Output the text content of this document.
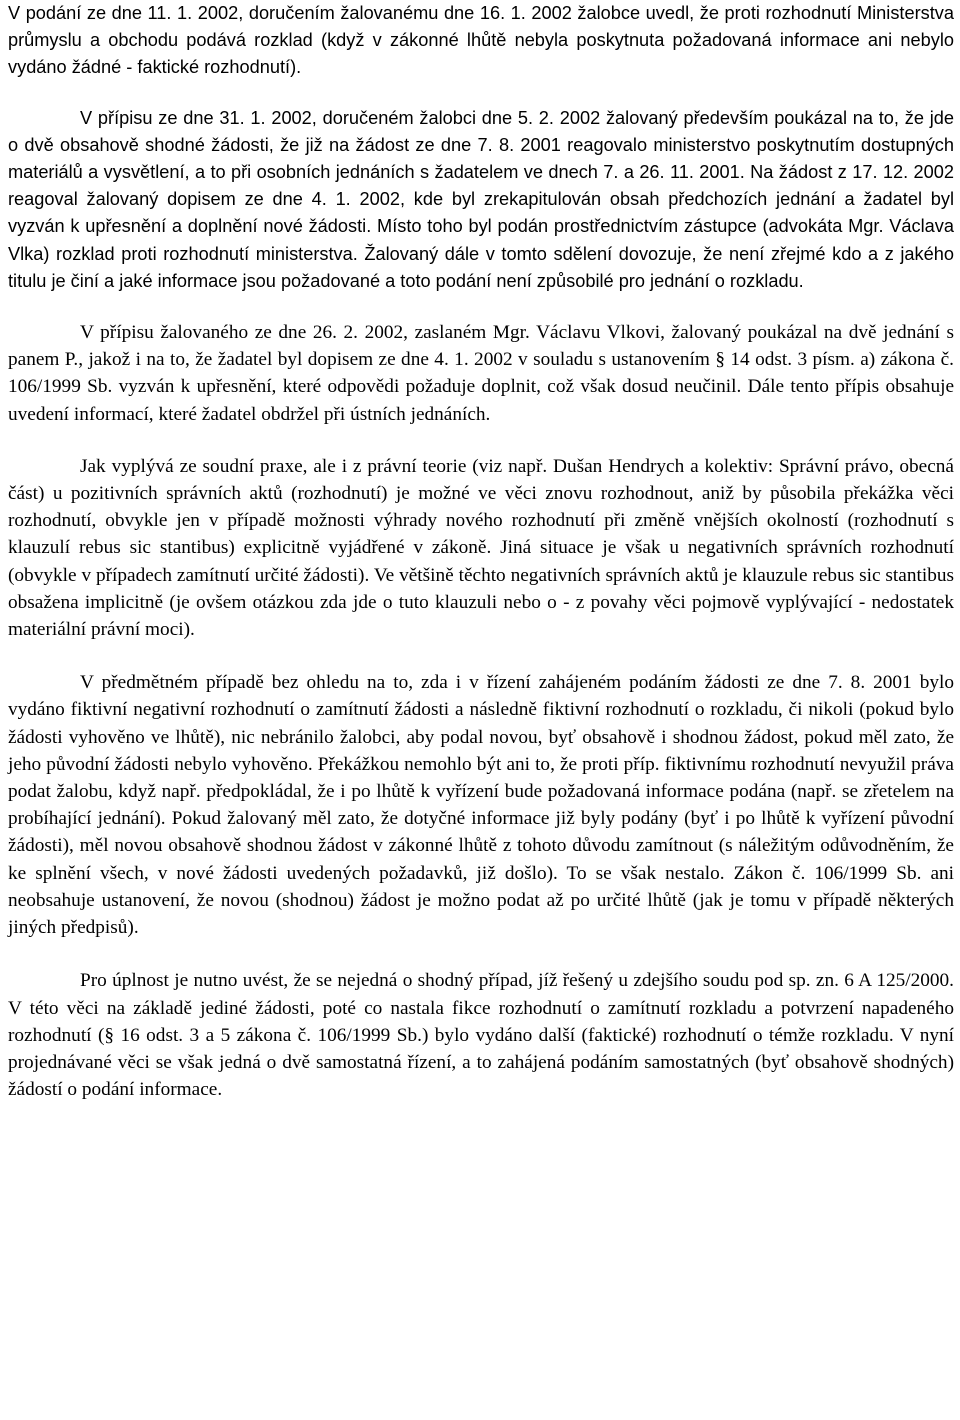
V podání ze dne 11. 1. 2002, doručením žalovanému dne 16. 1. 2002 žalobce uvedl, že proti rozhodnutí Ministerstva průmyslu a obchodu podává rozklad (když v zákonné lhůtě nebyla poskytnuta požadovaná informace ani nebylo vydáno žádné - faktické rozhodnutí).

V přípisu ze dne 31. 1. 2002, doručeném žalobci dne 5. 2. 2002 žalovaný především poukázal na to, že jde o dvě obsahově shodné žádosti, že již na žádost ze dne 7. 8. 2001 reagovalo ministerstvo poskytnutím dostupných materiálů a vysvětlení, a to při osobních jednáních s žadatelem ve dnech 7. a 26. 11. 2001. Na žádost z 17. 12. 2002 reagoval žalovaný dopisem ze dne 4. 1. 2002, kde byl zrekapitulován obsah předchozích jednání a žadatel byl vyzván k upřesnění a doplnění nové žádosti. Místo toho byl podán prostřednictvím zástupce (advokáta Mgr. Václava Vlka) rozklad proti rozhodnutí ministerstva. Žalovaný dále v tomto sdělení dovozuje, že není zřejmé kdo a z jakého titulu je činí a jaké informace jsou požadované a toto podání není způsobilé pro jednání o rozkladu.

V přípisu žalovaného ze dne 26. 2. 2002, zaslaném Mgr. Václavu Vlkovi, žalovaný poukázal na dvě jednání s panem P., jakož i na to, že žadatel byl dopisem ze dne 4. 1. 2002 v souladu s ustanovením § 14 odst. 3 písm. a) zákona č. 106/1999 Sb. vyzván k upřesnění, které odpovědi požaduje doplnit, což však dosud neučinil. Dále tento přípis obsahuje uvedení informací, které žadatel obdržel při ústních jednáních.

Jak vyplývá ze soudní praxe, ale i z právní teorie (viz např. Dušan Hendrych a kolektiv: Správní právo, obecná část) u pozitivních správních aktů (rozhodnutí) je možné ve věci znovu rozhodnout, aniž by působila překážka věci rozhodnutí, obvykle jen v případě možnosti výhrady nového rozhodnutí při změně vnějších okolností (rozhodnutí s klauzulí rebus sic stantibus) explicitně vyjádřené v zákoně. Jiná situace je však u negativních správních rozhodnutí (obvykle v případech zamítnutí určité žádosti). Ve většině těchto negativních správních aktů je klauzule rebus sic stantibus obsažena implicitně (je ovšem otázkou zda jde o tuto klauzuli nebo o - z povahy věci pojmově vyplývající - nedostatek materiální právní moci).

V předmětném případě bez ohledu na to, zda i v řízení zahájeném podáním žádosti ze dne 7. 8. 2001 bylo vydáno fiktivní negativní rozhodnutí o zamítnutí žádosti a následně fiktivní rozhodnutí o rozkladu, či nikoli (pokud bylo žádosti vyhověno ve lhůtě), nic nebránilo žalobci, aby podal novou, byť obsahově i shodnou žádost, pokud měl zato, že jeho původní žádosti nebylo vyhověno. Překážkou nemohlo být ani to, že proti příp. fiktivnímu rozhodnutí nevyužil práva podat žalobu, když např. předpokládal, že i po lhůtě k vyřízení bude požadovaná informace podána (např. se zřetelem na probíhající jednání). Pokud žalovaný měl zato, že dotyčné informace již byly podány (byť i po lhůtě k vyřízení původní žádosti), měl novou obsahově shodnou žádost v zákonné lhůtě z tohoto důvodu zamítnout (s náležitým odůvodněním, že ke splnění všech, v nové žádosti uvedených požadavků, již došlo). To se však nestalo. Zákon č. 106/1999 Sb. ani neobsahuje ustanovení, že novou (shodnou) žádost je možno podat až po určité lhůtě (jak je tomu v případě některých jiných předpisů).

Pro úplnost je nutno uvést, že se nejedná o shodný případ, jíž řešený u zdejšího soudu pod sp. zn. 6 A 125/2000. V této věci na základě jediné žádosti, poté co nastala fikce rozhodnutí o zamítnutí rozkladu a potvrzení napadeného rozhodnutí (§ 16 odst. 3 a 5 zákona č. 106/1999 Sb.) bylo vydáno další (faktické) rozhodnutí o témže rozkladu. V nyní projednávané věci se však jedná o dvě samostatná řízení, a to zahájená podáním samostatných (byť obsahově shodných) žádostí o podání informace.
